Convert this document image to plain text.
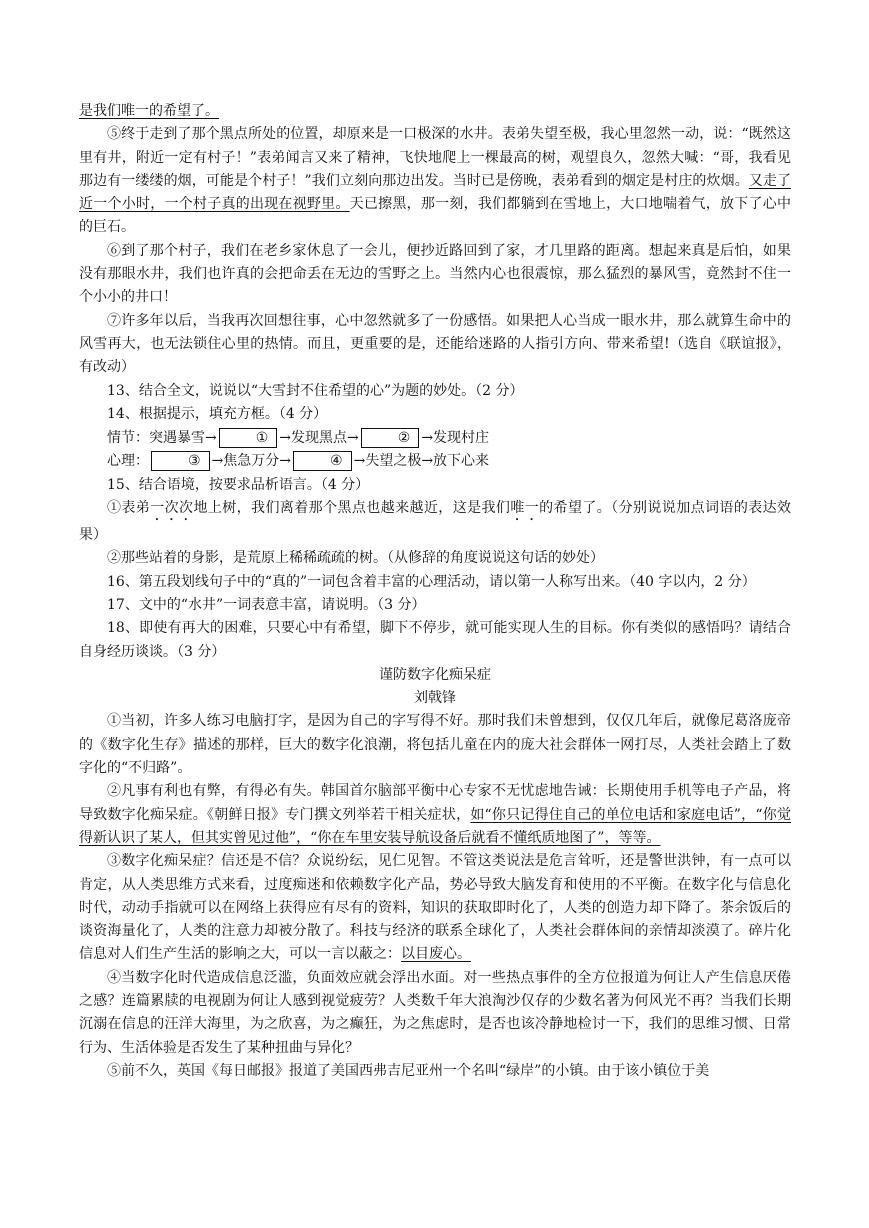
是我们唯一的希望了。

⑤终于走到了那个黑点所处的位置，却原来是一口极深的水井。表弟失望至极，我心里忽然一动，说：“既然这里有井，附近一定有村子！”表弟闻言又来了精神，飞快地爬上一棵最高的树，观望良久，忽然大喊：“哥，我看见那边有一缕缕的烟，可能是个村子！”我们立刻向那边出发。当时已是傍晚，表弟看到的烟定是村庄的炊烟。又走了近一个小时，一个村子真的出现在视野里。天已擦黑，那一刻，我们都躺到在雪地上，大口地喘着气，放下了心中的巨石。

⑥到了那个村子，我们在老乡家休息了一会儿，便抄近路回到了家，才几里路的距离。想起来真是后怕，如果没有那眼水井，我们也许真的会把命丢在无边的雪野之上。当然内心也很震惊，那么猛烈的暴风雪，竟然封不住一个小小的井口！

⑦许多年以后，当我再次回想往事，心中忽然就多了一份感悟。如果把人心当成一眼水井，那么就算生命中的风雪再大，也无法锁住心里的热情。而且，更重要的是，还能给迷路的人指引方向、带来希望!（选自《联谊报》，有改动）

13、结合全文，说说以“大雪封不住希望的心”为题的妙处。（2 分）

14、根据提示，填充方框。（4 分）

情节：突遇暴雪→	① →发现黑点→	② →发现村庄

心理：	③ →焦急万分→	④ →失望之极→放下心来

15、结合语境，按要求品析语言。（4 分）

①表弟一次次地上树，我们离着那个黑点也越来越近，这是我们唯一的希望了。（分别说说加点词语的表达效果）

②那些站着的身影，是荒原上稀稀疏疏的树。（从修辞的角度说说这句话的妙处）

16、第五段划线句子中的“真的”一词包含着丰富的心理活动，请以第一人称写出来。（40 字以内，2 分）

17、文中的“水井”一词表意丰富，请说明。（3 分）

18、即使有再大的困难，只要心中有希望，脚下不停步，就可能实现人生的目标。你有类似的感悟吗？请结合自身经历谈谈。（3 分）

谨防数字化痴呆症

刘戟锋

①当初，许多人练习电脑打字，是因为自己的字写得不好。那时我们未曾想到，仅仅几年后，就像尼葛洛庞帝的《数字化生存》描述的那样，巨大的数字化浪潮，将包括儿童在内的庞大社会群体一网打尽，人类社会踏上了数字化的“不归路”。

②凡事有利也有弊，有得必有失。韩国首尔脑部平衡中心专家不无忧虑地告诫：长期使用手机等电子产品，将导致数字化痴呆症。《朝鲜日报》专门撰文列举若干相关症状，如“你只记得住自己的单位电话和家庭电话”，“你觉得新认识了某人，但其实曾见过他”，“你在车里安装导航设备后就看不懂纸质地图了”，等等。

③数字化痴呆症？信还是不信？众说纷纭，见仁见智。不管这类说法是危言耸听，还是警世洪钟，有一点可以肯定，从人类思维方式来看，过度痴迷和依赖数字化产品，势必导致大脑发育和使用的不平衡。在数字化与信息化时代，动动手指就可以在网络上获得应有尽有的资料，知识的获取即时化了，人类的创造力却下降了。茶余饭后的谈资海量化了，人类的注意力却被分散了。科技与经济的联系全球化了，人类社会群体间的亲情却淡漠了。碎片化信息对人们生产生活的影响之大，可以一言以蔽之：以目废心。

④当数字化时代造成信息泛滥，负面效应就会浮出水面。对一些热点事件的全方位报道为何让人产生信息厌倦之感？连篇累牍的电视剧为何让人感到视觉疲劳？人类数千年大浪淘沙仅存的少数名著为何风光不再？当我们长期沉溺在信息的汪洋大海里，为之欣喜，为之癫狂，为之焦虑时，是否也该冷静地检讨一下，我们的思维习惯、日常行为、生活体验是否发生了某种扭曲与异化？

⑤前不久，英国《每日邮报》报道了美国西弗吉尼亚州一个名叫“绿岸”的小镇。由于该小镇位于美
